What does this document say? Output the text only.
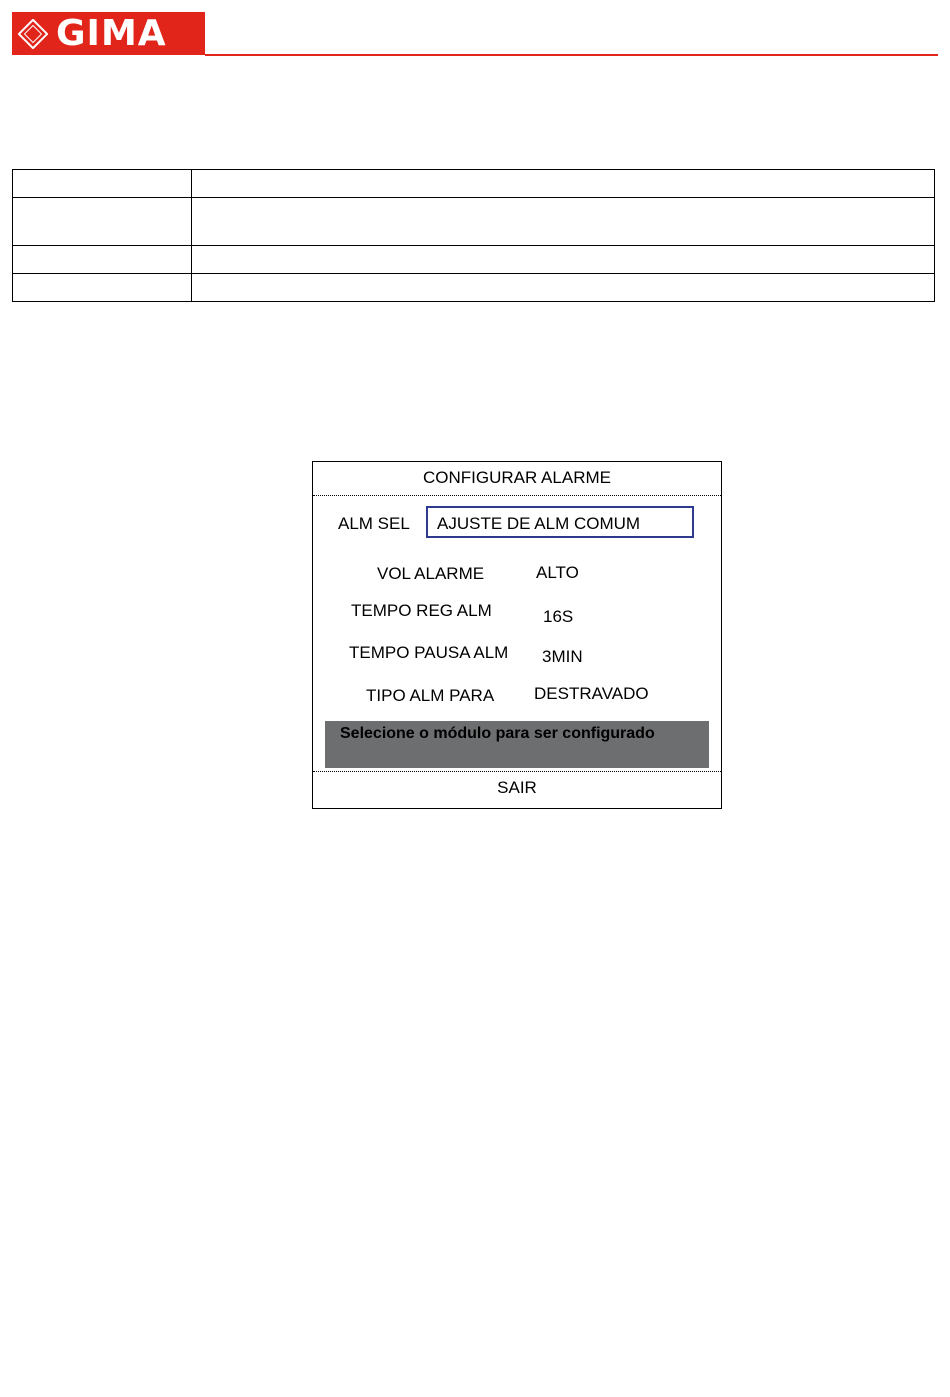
GIMA

CONFIGURAR ALARME
ALM SEL AJUSTE DE ALM COMUM
VOL ALARME	ALTO
TEMPO REG ALM	16S
TEMPO PAUSA ALM 3MIN
TIPO ALM PARA DESTRAVADO
Selecione o módulo para ser configurado
SAIR
